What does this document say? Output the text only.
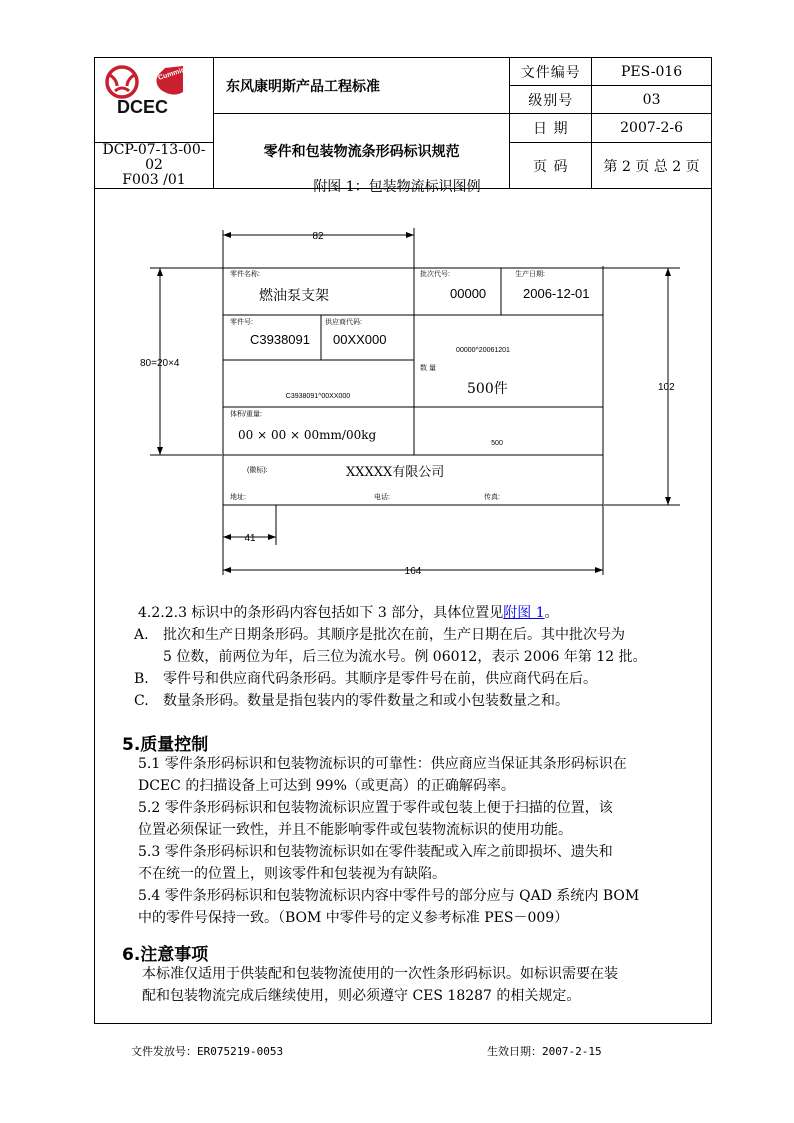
Cummins
DCEC	东风康明斯产品工程标准	文件编号	PES-016
		级别号	03
	零件和包装物流条形码标识规范	日 期	2007-2-6

DCP-07-13-00-02
F003 /01		页 码	第 2 页 总 2 页
附图 1：包装物流标识图例
82
41
164
80=20×4
102
零件名称:
燃油泵支架
批次代号:
00000
生产日期:
2006-12-01
零件号:
C3938091
供应商代码:
00XX000
00000^20061201
C3938091^00XX000
数 量
500件
500
体积/重量:
00 × 00 × 00mm/00kg
(徽标):	XXXXX有限公司
地址:	电话:	传真:
4.2.2.3 标识中的条形码内容包括如下 3 部分，具体位置见附图 1。
A. 批次和生产日期条形码。其顺序是批次在前，生产日期在后。其中批次号为
5 位数，前两位为年，后三位为流水号。例 06012，表示 2006 年第 12 批。
B. 零件号和供应商代码条形码。其顺序是零件号在前，供应商代码在后。
C. 数量条形码。数量是指包装内的零件数量之和或小包装数量之和。
5.质量控制
5.1 零件条形码标识和包装物流标识的可靠性：供应商应当保证其条形码标识在
DCEC 的扫描设备上可达到 99%（或更高）的正确解码率。
5.2 零件条形码标识和包装物流标识应置于零件或包装上便于扫描的位置，该
位置必须保证一致性，并且不能影响零件或包装物流标识的使用功能。
5.3 零件条形码标识和包装物流标识如在零件装配或入库之前即损坏、遗失和
不在统一的位置上，则该零件和包装视为有缺陷。
5.4 零件条形码标识和包装物流标识内容中零件号的部分应与 QAD 系统内 BOM
中的零件号保持一致。（BOM 中零件号的定义参考标准 PES－009）
6.注意事项
本标准仅适用于供装配和包装物流使用的一次性条形码标识。如标识需要在装
配和包装物流完成后继续使用，则必须遵守 CES 18287 的相关规定。
文件发放号：ER075219-0053	生效日期：2007-2-15
